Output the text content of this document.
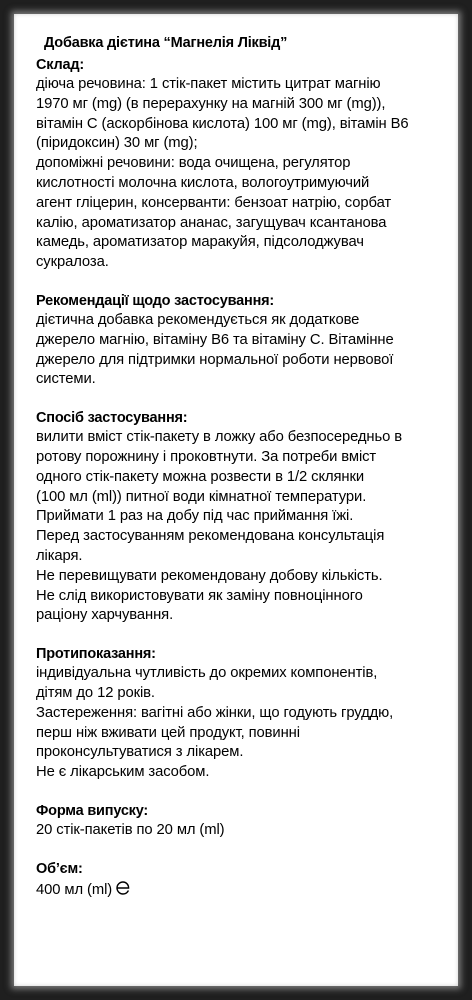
Добавка дієтина “Магнелія Ліквід”
Склад:
діюча речовина: 1 стік-пакет містить цитрат магнію
1970 мг (mg) (в перерахунку на магній 300 мг (mg)),
вітамін С (аскорбінова кислота) 100 мг (mg), вітамін В6
(піридоксин) 30 мг (mg);
допоміжні речовини: вода очищена, регулятор
кислотності молочна кислота, вологоутримуючий
агент гліцерин, консерванти: бензоат натрію, сорбат
калію, ароматизатор ананас, загущувач ксантанова
камедь, ароматизатор маракуйя, підсолоджувач
сукралоза.
Рекомендації щодо застосування:
дієтична добавка рекомендується як додаткове
джерело магнію, вітаміну В6 та вітаміну С. Вітамінне
джерело для підтримки нормальної роботи нервової
системи.
Спосіб застосування:
вилити вміст стік-пакету в ложку або безпосередньо в
ротову порожнину і проковтнути. За потреби вміст
одного стік-пакету можна розвести в 1/2 склянки
(100 мл (ml)) питної води кімнатної температури.
Приймати 1 раз на добу під час приймання їжі.
Перед застосуванням рекомендована консультація
лікаря.
Не перевищувати рекомендовану добову кількість.
Не слід використовувати як заміну повноцінного
раціону харчування.
Протипоказання:
індивідуальна чутливість до окремих компонентів,
дітям до 12 років.
Застереження: вагітні або жінки, що годують груддю,
перш ніж вживати цей продукт, повинні
проконсультуватися з лікарем.
Не є лікарським засобом.
Форма випуску:
20 стік-пакетів по 20 мл (ml)
Об’єм:
400 мл (ml)
